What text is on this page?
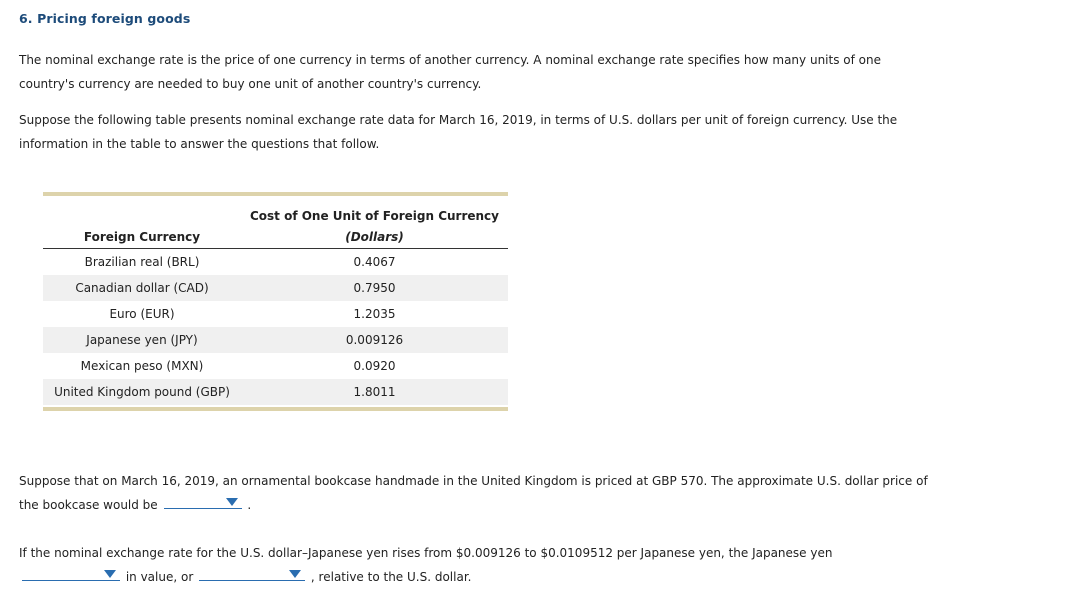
6. Pricing foreign goods
The nominal exchange rate is the price of one currency in terms of another currency. A nominal exchange rate specifies how many units of one country's currency are needed to buy one unit of another country's currency.
Suppose the following table presents nominal exchange rate data for March 16, 2019, in terms of U.S. dollars per unit of foreign currency. Use the information in the table to answer the questions that follow.
Foreign Currency
Cost of One Unit of Foreign Currency
(Dollars)
Brazilian real (BRL)	0.4067
Canadian dollar (CAD)	0.7950
Euro (EUR)	1.2035
Japanese yen (JPY)	0.009126
Mexican peso (MXN)	0.0920
United Kingdom pound (GBP)	1.8011
Suppose that on March 16, 2019, an ornamental bookcase handmade in the United Kingdom is priced at GBP 570. The approximate U.S. dollar price of the bookcase would be	.
If the nominal exchange rate for the U.S. dollar–Japanese yen rises from $0.009126 to $0.0109512 per Japanese yen, the Japanese yen

in value, or	, relative to the U.S. dollar.
